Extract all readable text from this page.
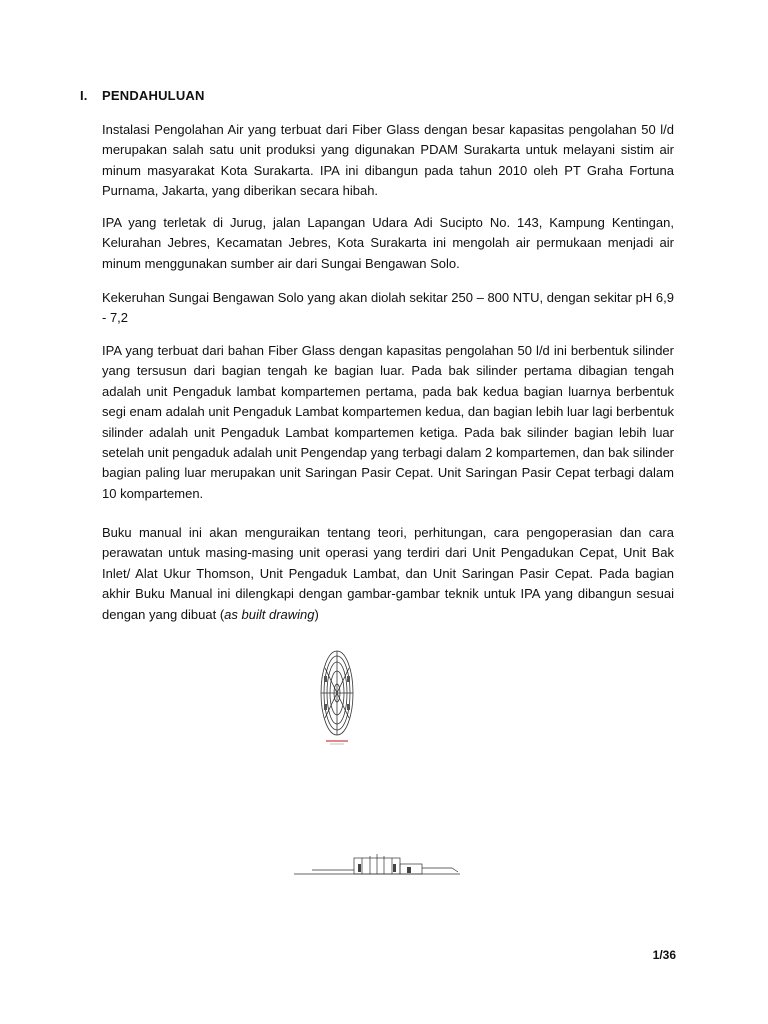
I. PENDAHULUAN

Instalasi Pengolahan Air yang terbuat dari Fiber Glass dengan besar kapasitas pengolahan 50 l/d merupakan salah satu unit produksi yang digunakan PDAM Surakarta untuk melayani sistim air minum masyarakat Kota Surakarta. IPA ini dibangun pada tahun 2010 oleh PT Graha Fortuna Purnama, Jakarta, yang diberikan secara hibah.

IPA yang terletak di Jurug, jalan Lapangan Udara Adi Sucipto No. 143, Kampung Kentingan, Kelurahan Jebres, Kecamatan Jebres, Kota Surakarta ini mengolah air permukaan menjadi air minum menggunakan sumber air dari Sungai Bengawan Solo.

Kekeruhan Sungai Bengawan Solo yang akan diolah sekitar 250 – 800 NTU, dengan sekitar pH 6,9 - 7,2

IPA yang terbuat dari bahan Fiber Glass dengan kapasitas pengolahan 50 l/d ini berbentuk silinder yang tersusun dari bagian tengah ke bagian luar. Pada bak silinder pertama dibagian tengah adalah unit Pengaduk lambat kompartemen pertama, pada bak kedua bagian luarnya berbentuk segi enam adalah unit Pengaduk Lambat kompartemen kedua, dan bagian lebih luar lagi berbentuk silinder adalah unit Pengaduk Lambat kompartemen ketiga. Pada bak silinder bagian lebih luar setelah unit pengaduk adalah unit Pengendap yang terbagi dalam 2 kompartemen, dan bak silinder bagian paling luar merupakan unit Saringan Pasir Cepat. Unit Saringan Pasir Cepat terbagi dalam 10 kompartemen.

Buku manual ini akan menguraikan tentang teori, perhitungan, cara pengoperasian dan cara perawatan untuk masing-masing unit operasi yang terdiri dari Unit Pengadukan Cepat, Unit Bak Inlet/ Alat Ukur Thomson, Unit Pengaduk Lambat, dan Unit Saringan Pasir Cepat. Pada bagian akhir Buku Manual ini dilengkapi dengan gambar-gambar teknik untuk IPA yang dibangun sesuai dengan yang dibuat (as built drawing)

1/36
